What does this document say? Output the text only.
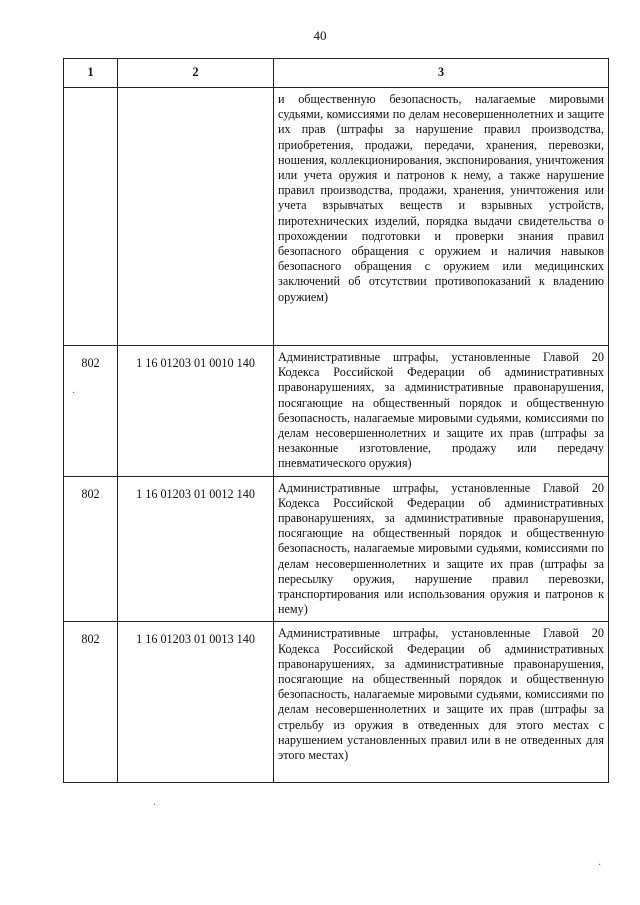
40
1	2	3
		и общественную безопасность, налагаемые мировыми судьями, комиссиями по делам несовершеннолетних и защите их прав (штрафы за нарушение правил производства, приобретения, продажи, передачи, хранения, перевозки, ношения, коллекционирования, экспонирования, уничтожения или учета оружия и патронов к нему, а также нарушение правил производства, продажи, хранения, уничтожения или учета взрывчатых веществ и взрывных устройств, пиротехнических изделий, порядка выдачи свидетельства о прохождении подготовки и проверки знания правил безопасного обращения с оружием и наличия навыков безопасного обращения с оружием или медицинских заключений об отсутствии противопоказаний к владению оружием)
802	1 16 01203 01 0010 140	Административные штрафы, установленные Главой 20 Кодекса Российской Федерации об административных правонарушениях, за административные правонарушения, посягающие на общественный порядок и общественную безопасность, налагаемые мировыми судьями, комиссиями по делам несовершеннолетних и защите их прав (штрафы за незаконные изготовление, продажу или передачу пневматического оружия)
802	1 16 01203 01 0012 140	Административные штрафы, установленные Главой 20 Кодекса Российской Федерации об административных правонарушениях, за административные правонарушения, посягающие на общественный порядок и общественную безопасность, налагаемые мировыми судьями, комиссиями по делам несовершеннолетних и защите их прав (штрафы за пересылку оружия, нарушение правил перевозки, транспортирования или использования оружия и патронов к нему)
802	1 16 01203 01 0013 140	Административные штрафы, установленные Главой 20 Кодекса Российской Федерации об административных правонарушениях, за административные правонарушения, посягающие на общественный порядок и общественную безопасность, налагаемые мировыми судьями, комиссиями по делам несовершеннолетних и защите их прав (штрафы за стрельбу из оружия в отведенных для этого местах с нарушением установленных правил или в не отведенных для этого местах)
·
·
·
